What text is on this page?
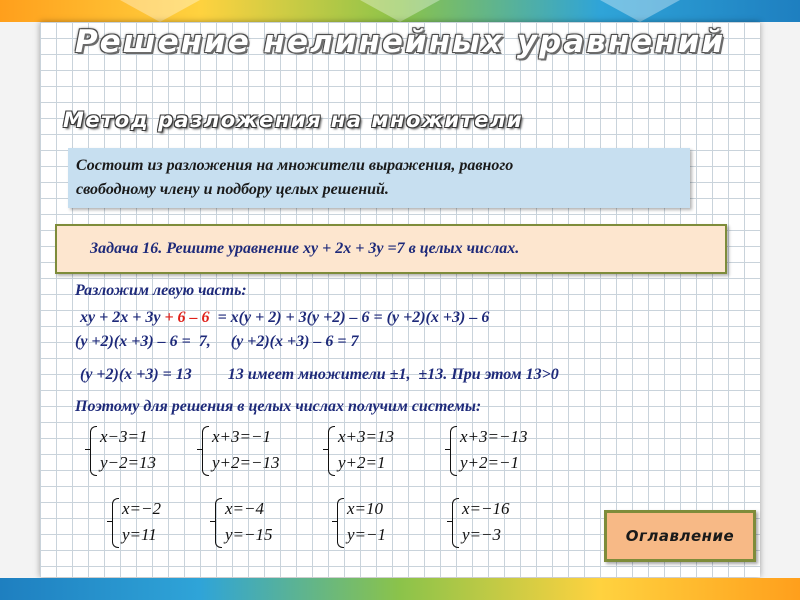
Решение нелинейных уравнений
Метод разложения на множители
Состоит из разложения на множители выражения, равного
свободному члену и подбору целых решений.
Задача 16. Решите уравнение xy + 2x + 3y =7 в целых числах.
Разложим левую часть:
xy + 2x + 3y + 6 – 6  = x(y + 2) + 3(y +2) – 6 = (y +2)(x +3) – 6
(y +2)(x +3) – 6 =  7,     (y +2)(x +3) – 6 = 7
(y +2)(x +3) = 13         13 имеет множители ±1,  ±13. При этом 13>0
Поэтому для решения в целых числах получим системы:
x−3=1
y−2=13
x+3=−1
y+2=−13
x+3=13
y+2=1
x+3=−13
y+2=−1
x=−2
y=11
x=−4
y=−15
x=10
y=−1
x=−16
y=−3	Оглавление
